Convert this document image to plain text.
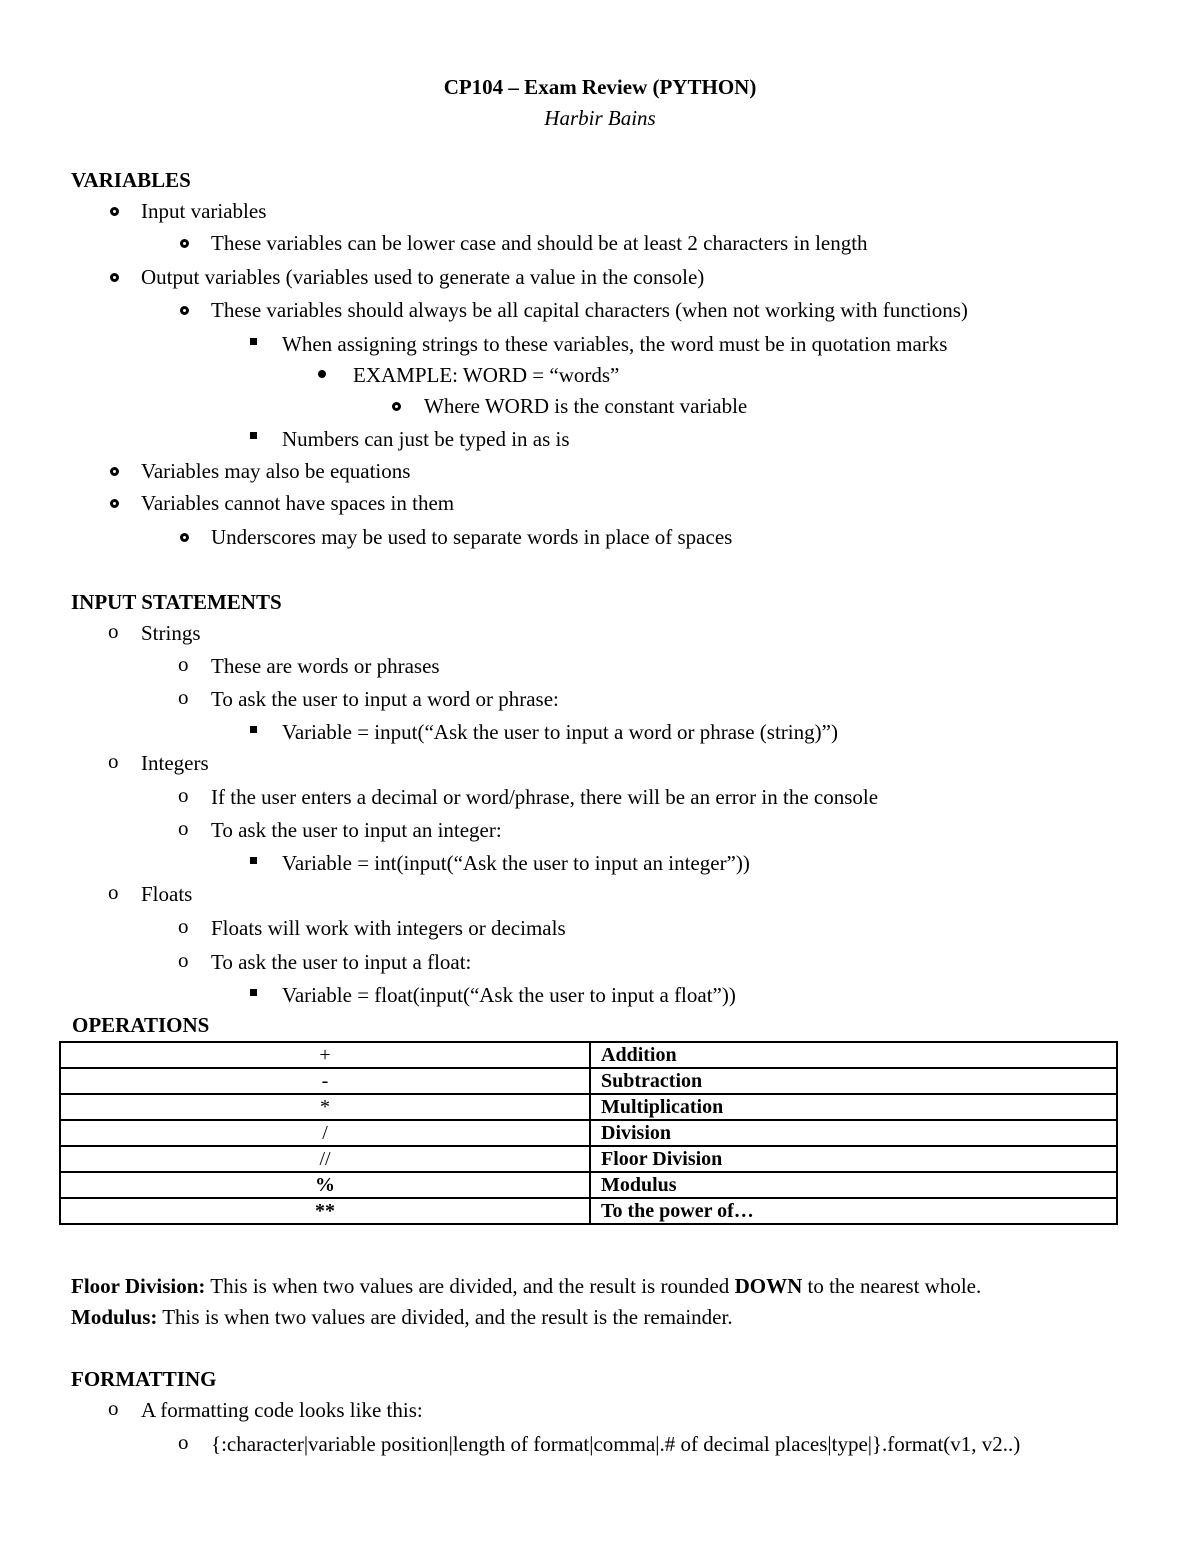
CP104 – Exam Review (PYTHON)
Harbir Bains
VARIABLES
Input variables
These variables can be lower case and should be at least 2 characters in length
Output variables (variables used to generate a value in the console)
These variables should always be all capital characters (when not working with functions)
When assigning strings to these variables, the word must be in quotation marks
EXAMPLE: WORD = “words”
Where WORD is the constant variable
Numbers can just be typed in as is
Variables may also be equations
Variables cannot have spaces in them
Underscores may be used to separate words in place of spaces
INPUT STATEMENTS
o Strings
o These are words or phrases
o To ask the user to input a word or phrase:
Variable = input(“Ask the user to input a word or phrase (string)”)
o Integers
o If the user enters a decimal or word/phrase, there will be an error in the console
o To ask the user to input an integer:
Variable = int(input(“Ask the user to input an integer”))
o Floats
o Floats will work with integers or decimals
o To ask the user to input a float:
Variable = float(input(“Ask the user to input a float”))
OPERATIONS
+	Addition
-	Subtraction
*	Multiplication
/	Division
//	Floor Division
%	Modulus
**	To the power of…
Floor Division: This is when two values are divided, and the result is rounded DOWN to the nearest whole.
Modulus: This is when two values are divided, and the result is the remainder.
FORMATTING
o A formatting code looks like this:
o {:character|variable position|length of format|comma|.# of decimal places|type|}.format(v1, v2..)
